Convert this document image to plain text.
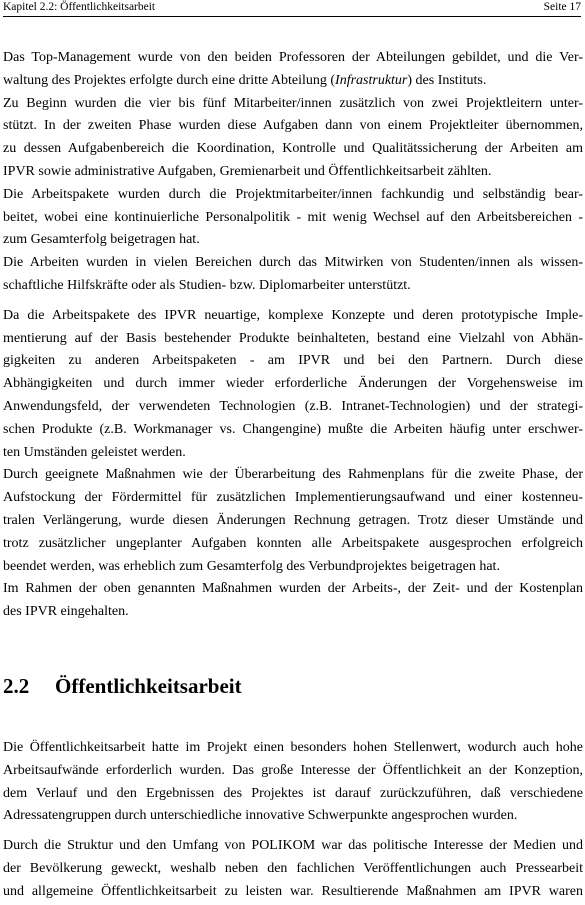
Kapitel 2.2: Öffentlichkeitsarbeit	Seite 17

Das Top-Management wurde von den beiden Professoren der Abteilungen gebildet, und die Ver-
waltung des Projektes erfolgte durch eine dritte Abteilung (Infrastruktur) des Instituts.

Zu Beginn wurden die vier bis fünf Mitarbeiter/innen zusätzlich von zwei Projektleitern unter-
stützt. In der zweiten Phase wurden diese Aufgaben dann von einem Projektleiter übernommen,
zu dessen Aufgabenbereich die Koordination, Kontrolle und Qualitätssicherung der Arbeiten am
IPVR sowie administrative Aufgaben, Gremienarbeit und Öffentlichkeitsarbeit zählten.

Die Arbeitspakete wurden durch die Projektmitarbeiter/innen fachkundig und selbständig bear-
beitet, wobei eine kontinuierliche Personalpolitik - mit wenig Wechsel auf den Arbeitsbereichen -
zum Gesamterfolg beigetragen hat.

Die Arbeiten wurden in vielen Bereichen durch das Mitwirken von Studenten/innen als wissen-
schaftliche Hilfskräfte oder als Studien- bzw. Diplomarbeiter unterstützt.

Da die Arbeitspakete des IPVR neuartige, komplexe Konzepte und deren prototypische Imple-
mentierung auf der Basis bestehender Produkte beinhalteten, bestand eine Vielzahl von Abhän-
gigkeiten zu anderen Arbeitspaketen - am IPVR und bei den Partnern. Durch diese
Abhängigkeiten und durch immer wieder erforderliche Änderungen der Vorgehensweise im
Anwendungsfeld, der verwendeten Technologien (z.B. Intranet-Technologien) und der strategi-
schen Produkte (z.B. Workmanager vs. Changengine) mußte die Arbeiten häufig unter erschwer-
ten Umständen geleistet werden.

Durch geeignete Maßnahmen wie der Überarbeitung des Rahmenplans für die zweite Phase, der
Aufstockung der Fördermittel für zusätzlichen Implementierungsaufwand und einer kostenneu-
tralen Verlängerung, wurde diesen Änderungen Rechnung getragen. Trotz dieser Umstände und
trotz zusätzlicher ungeplanter Aufgaben konnten alle Arbeitspakete ausgesprochen erfolgreich
beendet werden, was erheblich zum Gesamterfolg des Verbundprojektes beigetragen hat.

Im Rahmen der oben genannten Maßnahmen wurden der Arbeits-, der Zeit- und der Kostenplan
des IPVR eingehalten.

2.2 Öffentlichkeitsarbeit

Die Öffentlichkeitsarbeit hatte im Projekt einen besonders hohen Stellenwert, wodurch auch hohe
Arbeitsaufwände erforderlich wurden. Das große Interesse der Öffentlichkeit an der Konzeption,
dem Verlauf und den Ergebnissen des Projektes ist darauf zurückzuführen, daß verschiedene
Adressatengruppen durch unterschiedliche innovative Schwerpunkte angesprochen wurden.

Durch die Struktur und den Umfang von POLIKOM war das politische Interesse der Medien und
der Bevölkerung geweckt, weshalb neben den fachlichen Veröffentlichungen auch Pressearbeit
und allgemeine Öffentlichkeitsarbeit zu leisten war. Resultierende Maßnahmen am IPVR waren
